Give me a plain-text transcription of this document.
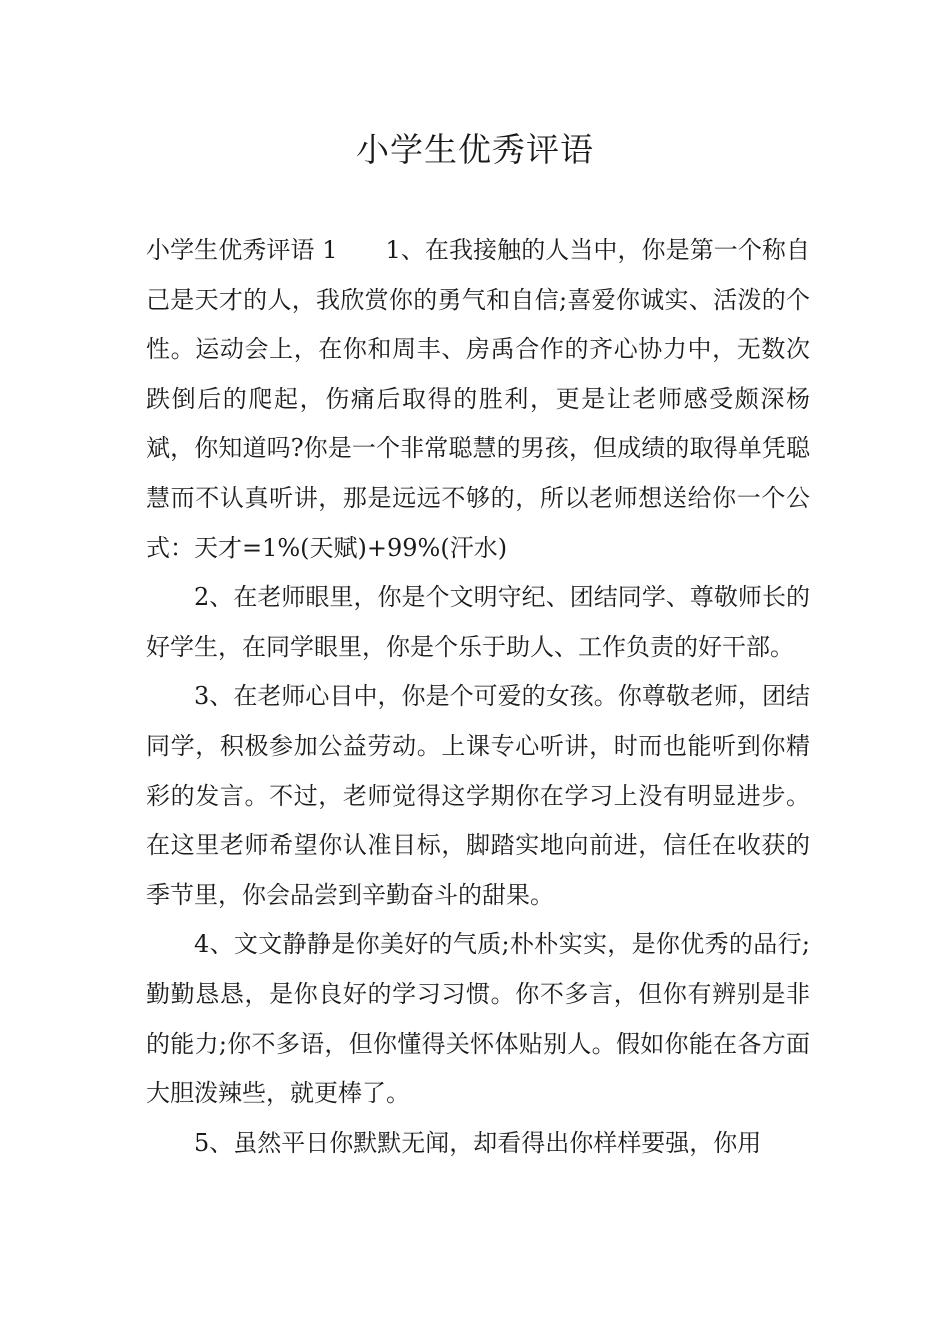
小学生优秀评语

小学生优秀评语 1 1、在我接触的人当中，你是第一个称自己是天才的人，我欣赏你的勇气和自信;喜爱你诚实、活泼的个性。运动会上，在你和周丰、房禹合作的齐心协力中，无数次跌倒后的爬起，伤痛后取得的胜利，更是让老师感受颇深杨斌，你知道吗?你是一个非常聪慧的男孩，但成绩的取得单凭聪慧而不认真听讲，那是远远不够的，所以老师想送给你一个公式：天才=1%(天赋)+99%(汗水)

2、在老师眼里，你是个文明守纪、团结同学、尊敬师长的好学生，在同学眼里，你是个乐于助人、工作负责的好干部。

3、在老师心目中，你是个可爱的女孩。你尊敬老师，团结同学，积极参加公益劳动。上课专心听讲，时而也能听到你精彩的发言。不过，老师觉得这学期你在学习上没有明显进步。在这里老师希望你认准目标，脚踏实地向前进，信任在收获的季节里，你会品尝到辛勤奋斗的甜果。

4、文文静静是你美好的气质;朴朴实实，是你优秀的品行;勤勤恳恳，是你良好的学习习惯。你不多言，但你有辨别是非的能力;你不多语，但你懂得关怀体贴别人。假如你能在各方面大胆泼辣些，就更棒了。

5、虽然平日你默默无闻，却看得出你样样要强，你用
